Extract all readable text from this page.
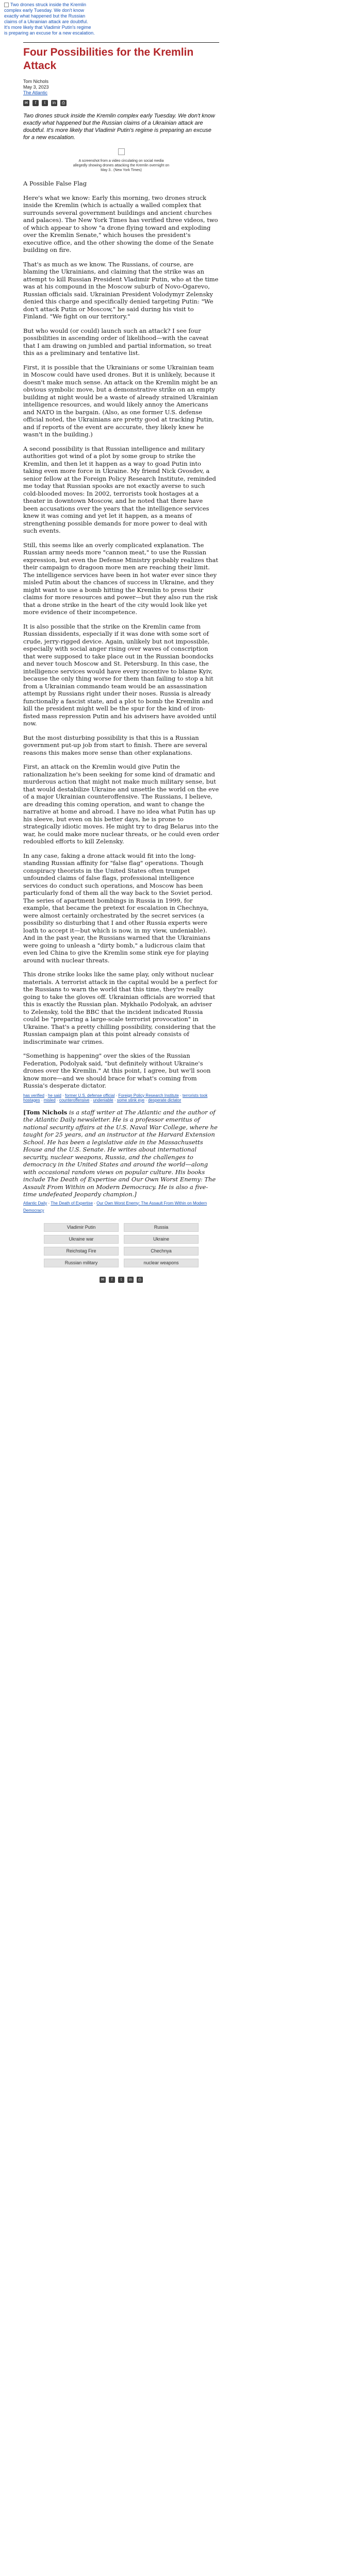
Two drones struck inside the Kremlin complex early Tuesday. We don't know exactly what happened but the Russian claims of a Ukrainian attack are doubtful. It's more likely that Vladimir Putin's regime is preparing an excuse for a new escalation.
Four Possibilities for the Kremlin Attack
Tom Nichols
May 3, 2023
The Atlantic
✉	f	t	in	⎙

Two drones struck inside the Kremlin complex early Tuesday. We don't know exactly what happened but the Russian claims of a Ukrainian attack are doubtful. It's more likely that Vladimir Putin's regime is preparing an excuse for a new escalation.

A screenshot from a video circulating on social media allegedly showing drones attacking the Kremlin overnight on May 3.. (New York Times)
A Possible False Flag

Here's what we know: Early this morning, two drones struck inside the Kremlin (which is actually a walled complex that surrounds several government buildings and ancient churches and palaces). The New York Times has verified three videos, two of which appear to show "a drone flying toward and exploding over the Kremlin Senate," which houses the president's executive office, and the other showing the dome of the Senate building on fire.

That's as much as we know. The Russians, of course, are blaming the Ukrainians, and claiming that the strike was an attempt to kill Russian President Vladimir Putin, who at the time was at his compound in the Moscow suburb of Novo-Ogarevo, Russian officials said. Ukrainian President Volodymyr Zelensky denied this charge and specifically denied targeting Putin: "We don't attack Putin or Moscow," he said during his visit to Finland. "We fight on our territory."

But who would (or could) launch such an attack? I see four possibilities in ascending order of likelihood—with the caveat that I am drawing on jumbled and partial information, so treat this as a preliminary and tentative list.

First, it is possible that the Ukrainians or some Ukrainian team in Moscow could have used drones. But it is unlikely, because it doesn't make much sense. An attack on the Kremlin might be an obvious symbolic move, but a demonstrative strike on an empty building at night would be a waste of already strained Ukrainian intelligence resources, and would likely annoy the Americans and NATO in the bargain. (Also, as one former U.S. defense official noted, the Ukrainians are pretty good at tracking Putin, and if reports of the event are accurate, they likely knew he wasn't in the building.)

A second possibility is that Russian intelligence and military authorities got wind of a plot by some group to strike the Kremlin, and then let it happen as a way to goad Putin into taking even more force in Ukraine. My friend Nick Gvosdev, a senior fellow at the Foreign Policy Research Institute, reminded me today that Russian spooks are not exactly averse to such cold-blooded moves: In 2002, terrorists took hostages at a theater in downtown Moscow, and he noted that there have been accusations over the years that the intelligence services knew it was coming and yet let it happen, as a means of strengthening possible demands for more power to deal with such events.

Still, this seems like an overly complicated explanation. The Russian army needs more "cannon meat," to use the Russian expression, but even the Defense Ministry probably realizes that their campaign to dragoon more men are reaching their limit. The intelligence services have been in hot water ever since they misled Putin about the chances of success in Ukraine, and they might want to use a bomb hitting the Kremlin to press their claims for more resources and power—but they also run the risk that a drone strike in the heart of the city would look like yet more evidence of their incompetence.

It is also possible that the strike on the Kremlin came from Russian dissidents, especially if it was done with some sort of crude, jerry-rigged device. Again, unlikely but not impossible, especially with social anger rising over waves of conscription that were supposed to take place out in the Russian boondocks and never touch Moscow and St. Petersburg. In this case, the intelligence services would have every incentive to blame Kyiv, because the only thing worse for them than failing to stop a hit from a Ukrainian commando team would be an assassination attempt by Russians right under their noses. Russia is already functionally a fascist state, and a plot to bomb the Kremlin and kill the president might well be the spur for the kind of iron-fisted mass repression Putin and his advisers have avoided until now.

But the most disturbing possibility is that this is a Russian government put-up job from start to finish. There are several reasons this makes more sense than other explanations.

First, an attack on the Kremlin would give Putin the rationalization he's been seeking for some kind of dramatic and murderous action that might not make much military sense, but that would destabilize Ukraine and unsettle the world on the eve of a major Ukrainian counteroffensive. The Russians, I believe, are dreading this coming operation, and want to change the narrative at home and abroad. I have no idea what Putin has up his sleeve, but even on his better days, he is prone to strategically idiotic moves. He might try to drag Belarus into the war, he could make more nuclear threats, or he could even order redoubled efforts to kill Zelensky.

In any case, faking a drone attack would fit into the long-standing Russian affinity for "false flag" operations. Though conspiracy theorists in the United States often trumpet unfounded claims of false flags, professional intelligence services do conduct such operations, and Moscow has been particularly fond of them all the way back to the Soviet period. The series of apartment bombings in Russia in 1999, for example, that became the pretext for escalation in Chechnya, were almost certainly orchestrated by the secret services (a possibility so disturbing that I and other Russia experts were loath to accept it—but which is now, in my view, undeniable). And in the past year, the Russians warned that the Ukrainians were going to unleash a "dirty bomb," a ludicrous claim that even led China to give the Kremlin some stink eye for playing around with nuclear threats.

This drone strike looks like the same play, only without nuclear materials. A terrorist attack in the capital would be a perfect for the Russians to warn the world that this time, they're really going to take the gloves off. Ukrainian officials are worried that this is exactly the Russian plan. Mykhailo Podolyak, an adviser to Zelensky, told the BBC that the incident indicated Russia could be "preparing a large-scale terrorist provocation" in Ukraine. That's a pretty chilling possibility, considering that the Russian campaign plan at this point already consists of indiscriminate war crimes.

"Something is happening" over the skies of the Russian Federation, Podolyak said, "but definitely without Ukraine's drones over the Kremlin." At this point, I agree, but we'll soon know more—and we should brace for what's coming from Russia's desperate dictator.

has verified · he said · former U.S. defense official · Foreign Policy Research Institute · terrorists took hostages · misled · counteroffensive · undeniable · some stink eye · desperate dictator
[Tom Nichols is a staff writer at The Atlantic and the author of the Atlantic Daily newsletter. He is a professor emeritus of national security affairs at the U.S. Naval War College, where he taught for 25 years, and an instructor at the Harvard Extension School. He has been a legislative aide in the Massachusetts House and the U.S. Senate. He writes about international security, nuclear weapons, Russia, and the challenges to democracy in the United States and around the world—along with occasional random views on popular culture. His books include The Death of Expertise and Our Own Worst Enemy: The Assault From Within on Modern Democracy. He is also a five-time undefeated Jeopardy champion.]
Atlantic Daily · The Death of Expertise · Our Own Worst Enemy: The Assault From Within on Modern Democracy
Vladimir Putin	Russia
Ukraine war	Ukraine
Reichstag Fire	Chechnya
Russian military	nuclear weapons
✉	f	t	in	⎙
